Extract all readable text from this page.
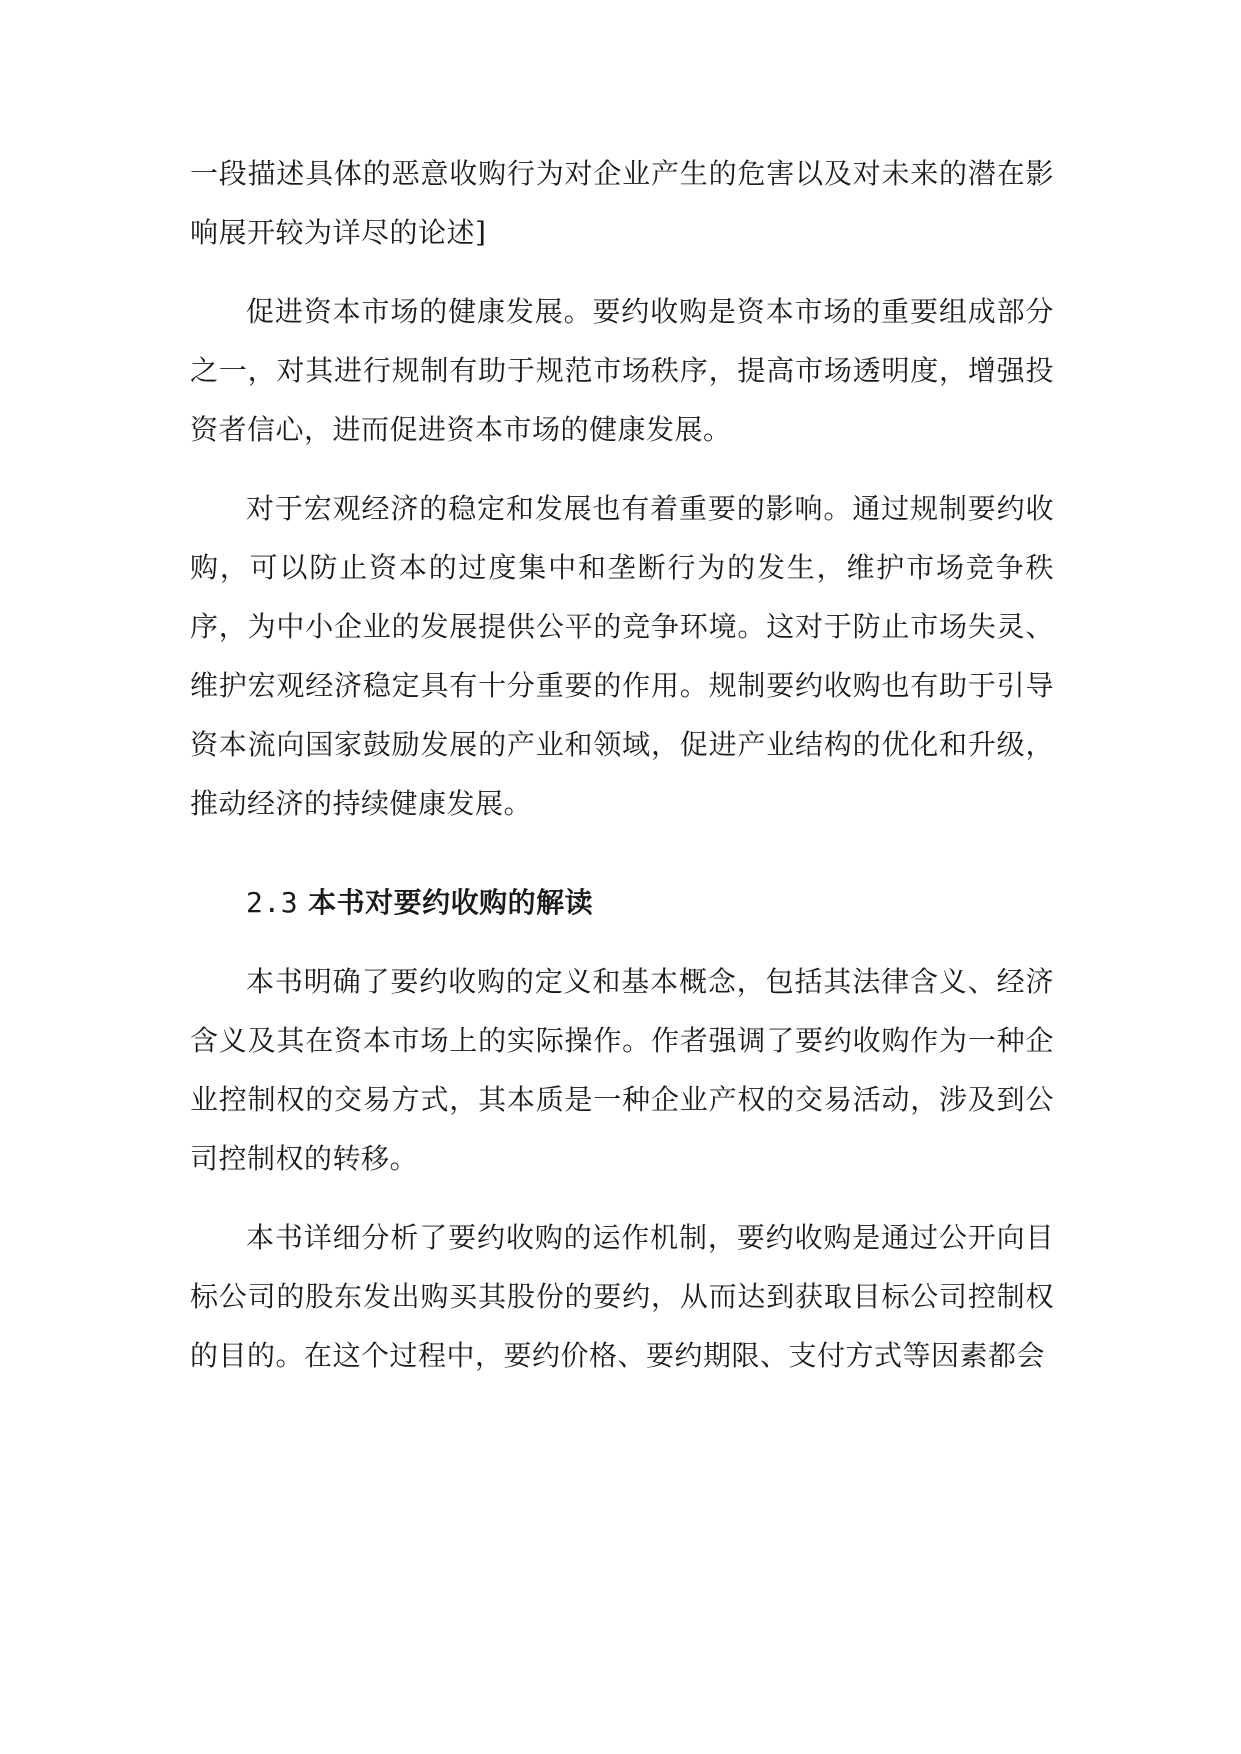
一段描述具体的恶意收购行为对企业产生的危害以及对未来的潜在影响展开较为详尽的论述]

促进资本市场的健康发展。要约收购是资本市场的重要组成部分之一，对其进行规制有助于规范市场秩序，提高市场透明度，增强投资者信心，进而促进资本市场的健康发展。

对于宏观经济的稳定和发展也有着重要的影响。通过规制要约收购，可以防止资本的过度集中和垄断行为的发生，维护市场竞争秩序，为中小企业的发展提供公平的竞争环境。这对于防止市场失灵、维护宏观经济稳定具有十分重要的作用。规制要约收购也有助于引导资本流向国家鼓励发展的产业和领域，促进产业结构的优化和升级，推动经济的持续健康发展。

2.3 本书对要约收购的解读

本书明确了要约收购的定义和基本概念，包括其法律含义、经济含义及其在资本市场上的实际操作。作者强调了要约收购作为一种企业控制权的交易方式，其本质是一种企业产权的交易活动，涉及到公司控制权的转移。

本书详细分析了要约收购的运作机制，要约收购是通过公开向目标公司的股东发出购买其股份的要约，从而达到获取目标公司控制权的目的。在这个过程中，要约价格、要约期限、支付方式等因素都会
